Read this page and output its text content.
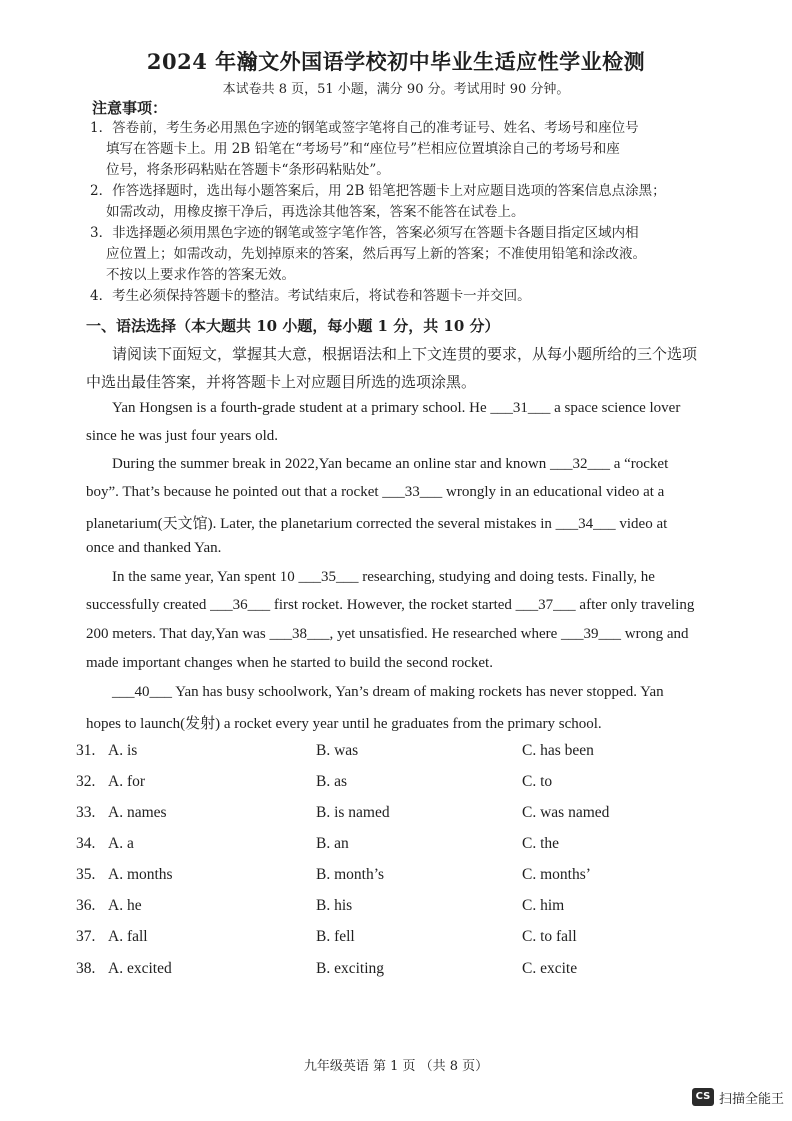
2024 年瀚文外国语学校初中毕业生适应性学业检测
本试卷共 8 页，51 小题，满分 90 分。考试用时 90 分钟。
注意事项：
1．答卷前，考生务必用黑色字迹的钢笔或签字笔将自己的准考证号、姓名、考场号和座位号
填写在答题卡上。用 2B 铅笔在“考场号”和“座位号”栏相应位置填涂自己的考场号和座
位号，将条形码粘贴在答题卡“条形码粘贴处”。
2．作答选择题时，选出每小题答案后，用 2B 铅笔把答题卡上对应题目选项的答案信息点涂黑；
如需改动，用橡皮擦干净后，再选涂其他答案，答案不能答在试卷上。
3．非选择题必须用黑色字迹的钢笔或签字笔作答，答案必须写在答题卡各题目指定区域内相
应位置上；如需改动，先划掉原来的答案，然后再写上新的答案；不准使用铅笔和涂改液。
不按以上要求作答的答案无效。
4．考生必须保持答题卡的整洁。考试结束后，将试卷和答题卡一并交回。
一、语法选择（本大题共 10 小题，每小题 1 分，共 10 分）
请阅读下面短文，掌握其大意，根据语法和上下文连贯的要求，从每小题所给的三个选项
中选出最佳答案，并将答题卡上对应题目所选的选项涂黑。
Yan Hongsen is a fourth-grade student at a primary school. He ___31___ a space science lover
since he was just four years old.
During the summer break in 2022,Yan became an online star and known ___32___ a “rocket
boy”. That’s because he pointed out that a rocket ___33___ wrongly in an educational video at a
planetarium(天文馆). Later, the planetarium corrected the several mistakes in ___34___ video at
once and thanked Yan.
In the same year, Yan spent 10 ___35___ researching, studying and doing tests. Finally, he
successfully created ___36___ first rocket. However, the rocket started ___37___ after only traveling
200 meters. That day,Yan was ___38___, yet unsatisfied. He researched where ___39___ wrong and
made important changes when he started to build the second rocket.
___40___ Yan has busy schoolwork, Yan’s dream of making rockets has never stopped. Yan
hopes to launch(发射) a rocket every year until he graduates from the primary school.
31. A. is	B. was	C. has been
32. A. for	B. as	C. to
33. A. names	B. is named	C. was named
34. A. a	B. an	C. the
35. A. months	B. month’s	C. months’
36. A. he	B. his	C. him
37. A. fall	B. fell	C. to fall
38. A. excited	B. exciting	C. excite
九年级英语 第 1 页 （共 8 页）
CS 扫描全能王
